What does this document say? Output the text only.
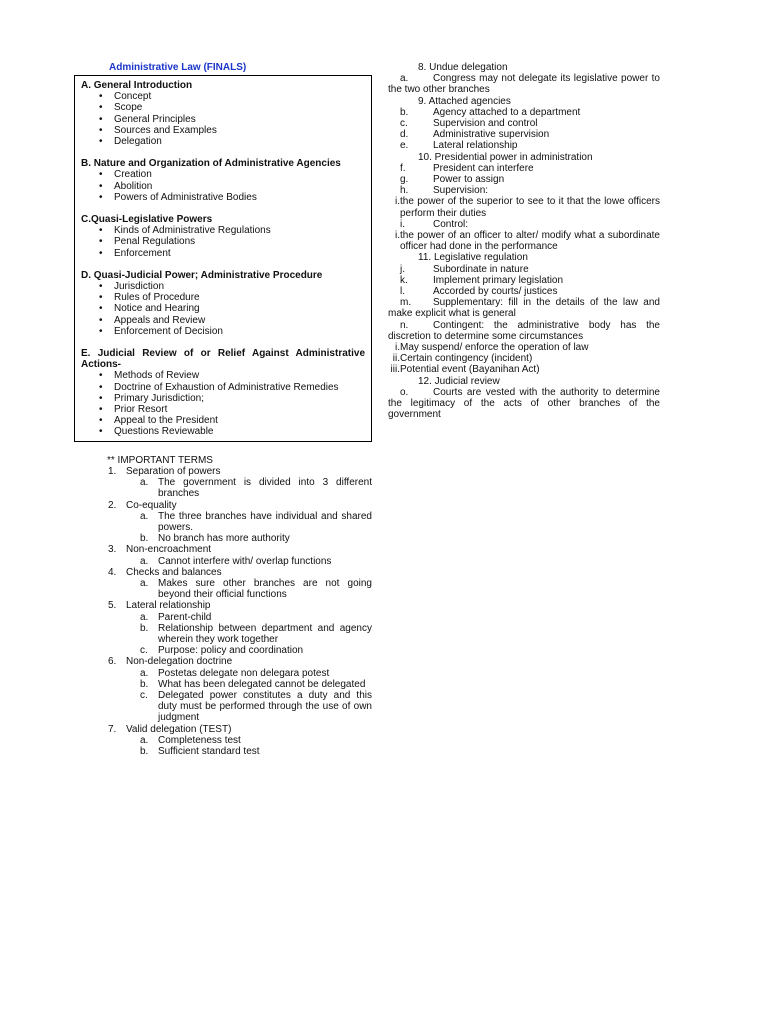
Administrative Law (FINALS)
A. General Introduction
• Concept
• Scope
• General Principles
• Sources and Examples
• Delegation
B. Nature and Organization of Administrative Agencies
• Creation
• Abolition
• Powers of Administrative Bodies
C.Quasi-Legislative Powers
• Kinds of Administrative Regulations
• Penal Regulations
• Enforcement
D. Quasi-Judicial Power; Administrative Procedure
• Jurisdiction
• Rules of Procedure
• Notice and Hearing
• Appeals and Review
• Enforcement of Decision
E. Judicial Review of or Relief Against Administrative Actions-
• Methods of Review
• Doctrine of Exhaustion of Administrative Remedies
• Primary Jurisdiction;
• Prior Resort
• Appeal to the President
• Questions Reviewable
** IMPORTANT TERMS
1. Separation of powers
a. The government is divided into 3 different branches
2. Co-equality
a. The three branches have individual and shared powers.
b. No branch has more authority
3. Non-encroachment
a. Cannot interfere with/ overlap functions
4. Checks and balances
a. Makes sure other branches are not going beyond their official functions
5. Lateral relationship
a. Parent-child
b. Relationship between department and agency wherein they work together
c. Purpose: policy and coordination
6. Non-delegation doctrine
a. Postetas delegate non delegara potest
b. What has been delegated cannot be delegated
c. Delegated power constitutes a duty and this duty must be performed through the use of own judgment
7. Valid delegation (TEST)
a. Completeness test
b. Sufficient standard test
8. Undue delegation
a. Congress may not delegate its legislative power to the two other branches
9. Attached agencies
b. Agency attached to a department
c.	Supervision and control
d. Administrative supervision
e. Lateral relationship
10. Presidential power in administration
f.	President can interfere
g. Power to assign
h. Supervision:
i. the power of the superior to see to it that the lowe officers perform their duties
i.	Control:
i. the power of an officer to alter/ modify what a subordinate officer had done in the performance
11. Legislative regulation
j.	Subordinate in nature
k.	Implement primary legislation
l.	Accorded by courts/ justices
m. Supplementary: fill in the details of the law and make explicit what is general
n. Contingent: the administrative body has the discretion to determine some circumstances
i. May suspend/ enforce the operation of law
ii. Certain contingency (incident)
iii. Potential event (Bayanihan Act)
12. Judicial review
o. Courts are vested with the authority to determine the legitimacy of the acts of other branches of the government
